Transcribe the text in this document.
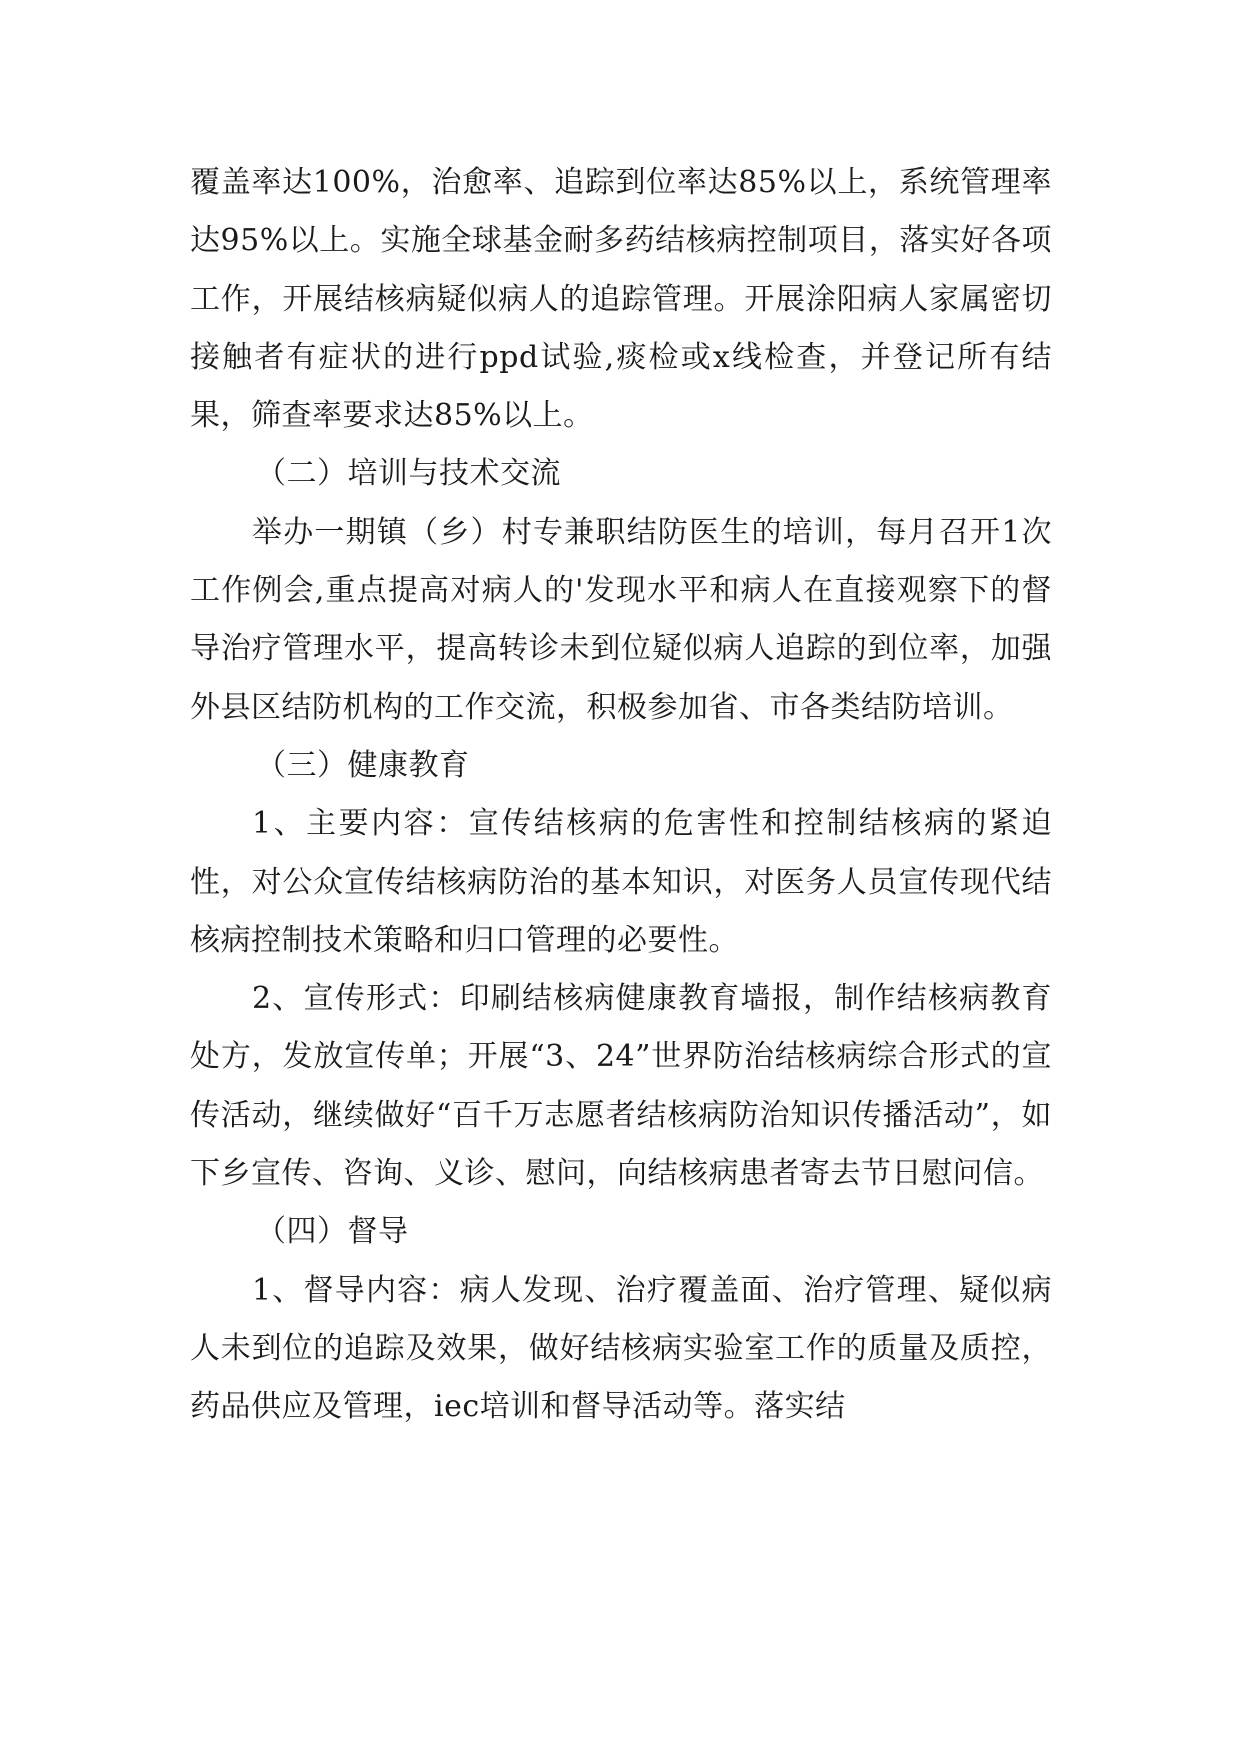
覆盖率达100%，治愈率、追踪到位率达85%以上，系统管理率达95%以上。实施全球基金耐多药结核病控制项目，落实好各项工作，开展结核病疑似病人的追踪管理。开展涂阳病人家属密切接触者有症状的进行ppd试验,痰检或x线检查，并登记所有结果，筛查率要求达85%以上。

（二）培训与技术交流

举办一期镇（乡）村专兼职结防医生的培训，每月召开1次工作例会,重点提高对病人的'发现水平和病人在直接观察下的督导治疗管理水平，提高转诊未到位疑似病人追踪的到位率，加强外县区结防机构的工作交流，积极参加省、市各类结防培训。

（三）健康教育

1、主要内容：宣传结核病的危害性和控制结核病的紧迫性，对公众宣传结核病防治的基本知识，对医务人员宣传现代结核病控制技术策略和归口管理的必要性。

2、宣传形式：印刷结核病健康教育墙报，制作结核病教育处方，发放宣传单；开展“3、24”世界防治结核病综合形式的宣传活动，继续做好“百千万志愿者结核病防治知识传播活动”，如下乡宣传、咨询、义诊、慰问，向结核病患者寄去节日慰问信。

（四）督导

1、督导内容：病人发现、治疗覆盖面、治疗管理、疑似病人未到位的追踪及效果，做好结核病实验室工作的质量及质控，药品供应及管理，iec培训和督导活动等。落实结
